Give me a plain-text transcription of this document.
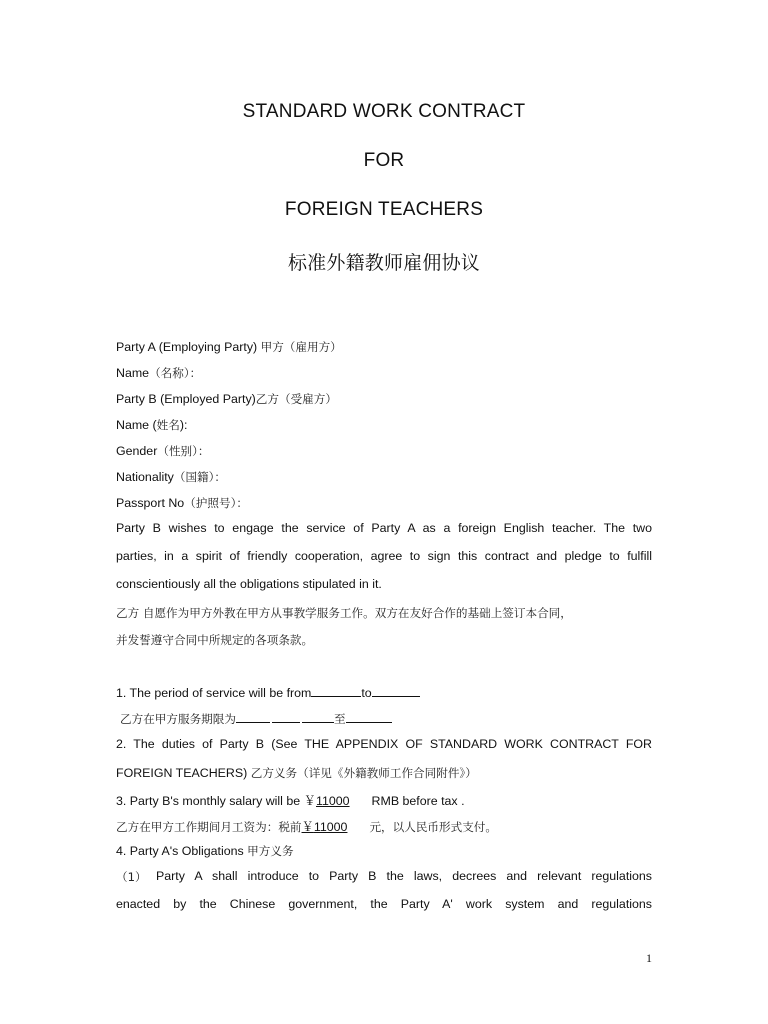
STANDARD WORK CONTRACT
FOR
FOREIGN TEACHERS
标准外籍教师雇佣协议
Party A (Employing Party) 甲方（雇用方）
Name（名称）：
Party B (Employed Party)乙方（受雇方）
Name (姓名):
Gender（性别）：
Nationality（国籍）：
Passport No（护照号）：
Party B wishes to engage the service of Party A as a foreign English teacher. The two
parties, in a spirit of friendly cooperation, agree to sign this contract and pledge to fulfill
conscientiously all the obligations stipulated in it.
乙方 自愿作为甲方外教在甲方从事教学服务工作。双方在友好合作的基础上签订本合同，
并发誓遵守合同中所规定的各项条款。
1. The period of service will be from	to
乙方在甲方服务期限为	至
2. The duties of Party B (See THE APPENDIX OF STANDARD WORK CONTRACT FOR
FOREIGN TEACHERS) 乙方义务（详见《外籍教师工作合同附件》）
3. Party B's monthly salary will be ￥11000 RMB before tax .
乙方在甲方工作期间月工资为：税前￥11000 元，以人民币形式支付。
4. Party A's Obligations 甲方义务
（1） Party A shall introduce to Party B the laws, decrees and relevant regulations
enacted by the Chinese government, the Party A' work system and regulations
1
